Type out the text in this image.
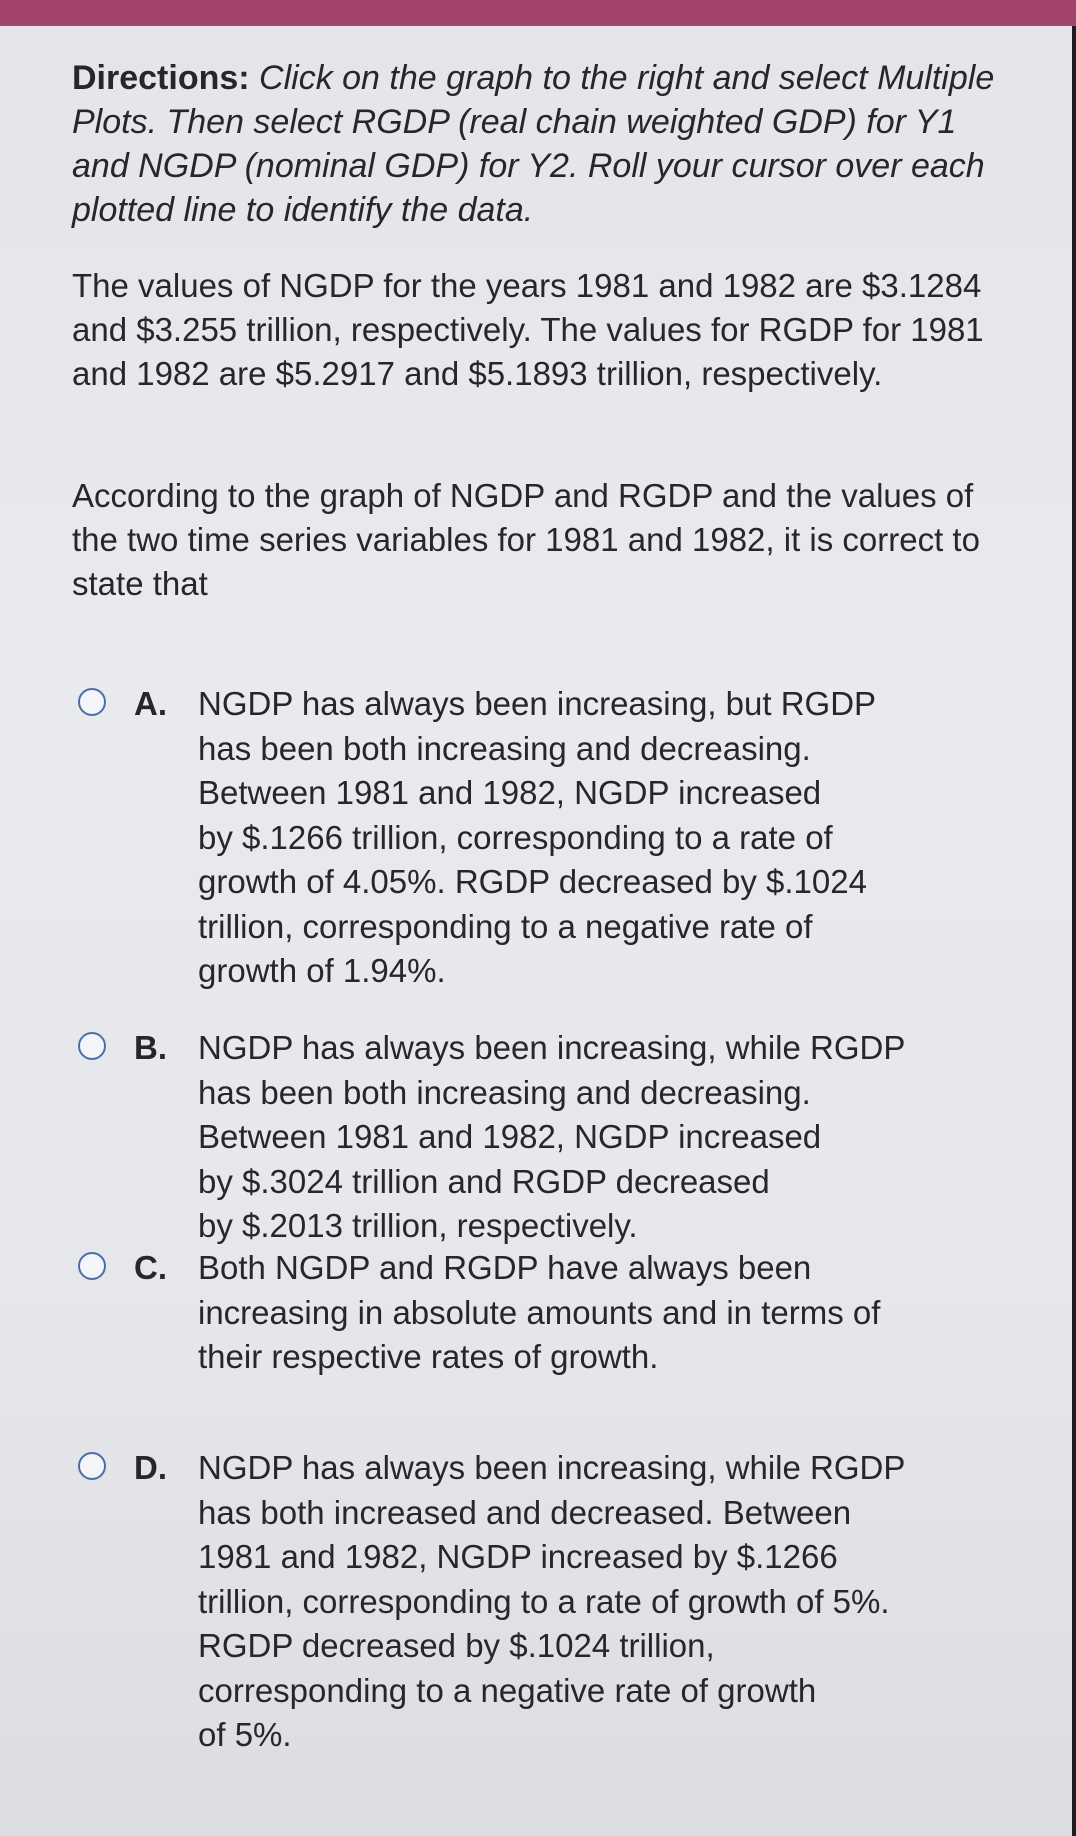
Directions: Click on the graph to the right and select Multiple Plots. Then select RGDP (real chain weighted GDP) for Y1 and NGDP (nominal GDP) for Y2. Roll your cursor over each plotted line to identify the data.
The values of NGDP for the years 1981 and 1982 are $3.1284 and $3.255 trillion, respectively. The values for RGDP for 1981 and 1982 are $5.2917 and $5.1893 trillion, respectively.
According to the graph of NGDP and RGDP and the values of the two time series variables for 1981 and 1982, it is correct to state that
A. NGDP has always been increasing, but RGDP
has been both increasing and decreasing.
Between 1981 and 1982, NGDP increased
by $.1266 trillion, corresponding to a rate of
growth of 4.05%. RGDP decreased by $.1024
trillion, corresponding to a negative rate of
growth of 1.94%.
B. NGDP has always been increasing, while RGDP
has been both increasing and decreasing.
Between 1981 and 1982, NGDP increased
by $.3024 trillion and RGDP decreased
by $.2013 trillion, respectively.
C. Both NGDP and RGDP have always been
increasing in absolute amounts and in terms of
their respective rates of growth.
D. NGDP has always been increasing, while RGDP
has both increased and decreased. Between
1981 and 1982, NGDP increased by $.1266
trillion, corresponding to a rate of growth of 5%.
RGDP decreased by $.1024 trillion,
corresponding to a negative rate of growth
of 5%.
